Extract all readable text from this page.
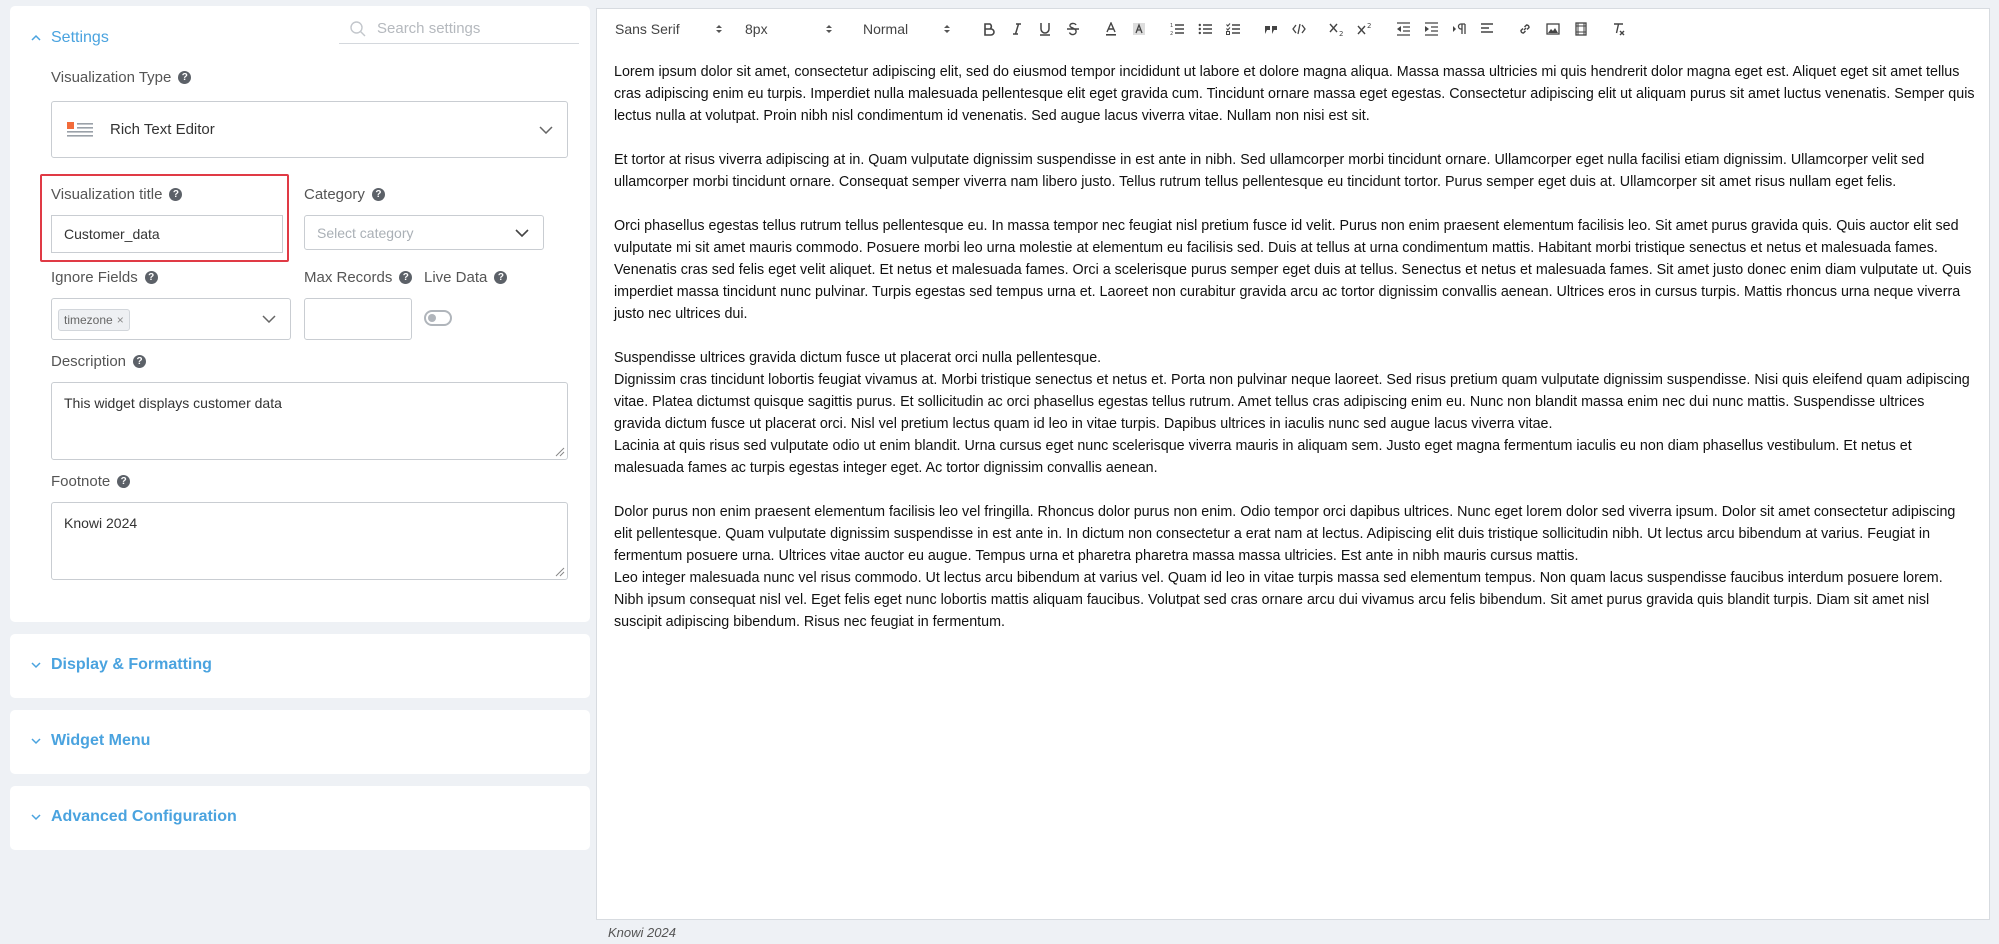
Settings
Search settings
Visualization Type	?
Rich Text Editor
Visualization title	?
Customer_data
Category	?
Select category
Ignore Fields	?
timezone ×
Max Records	? Live Data	?
Description	?
This widget displays customer data
Footnote	?
Knowi 2024
Display & Formatting
Widget Menu
Advanced Configuration
Sans Serif	8px	Normal	1
2	2
2

Lorem ipsum dolor sit amet, consectetur adipiscing elit, sed do eiusmod tempor incididunt ut labore et dolore magna aliqua. Massa massa ultricies mi quis hendrerit dolor magna eget est. Aliquet eget sit amet tellus cras adipiscing enim eu turpis. Imperdiet nulla malesuada pellentesque elit eget gravida cum. Tincidunt ornare massa eget egestas. Consectetur adipiscing elit ut aliquam purus sit amet luctus venenatis. Semper quis lectus nulla at volutpat. Proin nibh nisl condimentum id venenatis. Sed augue lacus viverra vitae. Nullam non nisi est sit.

Et tortor at risus viverra adipiscing at in. Quam vulputate dignissim suspendisse in est ante in nibh. Sed ullamcorper morbi tincidunt ornare. Ullamcorper eget nulla facilisi etiam dignissim. Ullamcorper velit sed ullamcorper morbi tincidunt ornare. Consequat semper viverra nam libero justo. Tellus rutrum tellus pellentesque eu tincidunt tortor. Purus semper eget duis at. Ullamcorper sit amet risus nullam eget felis.

Orci phasellus egestas tellus rutrum tellus pellentesque eu. In massa tempor nec feugiat nisl pretium fusce id velit. Purus non enim praesent elementum facilisis leo. Sit amet purus gravida quis. Quis auctor elit sed vulputate mi sit amet mauris commodo. Posuere morbi leo urna molestie at elementum eu facilisis sed. Duis at tellus at urna condimentum mattis. Habitant morbi tristique senectus et netus et malesuada fames. Venenatis cras sed felis eget velit aliquet. Et netus et malesuada fames. Orci a scelerisque purus semper eget duis at tellus. Senectus et netus et malesuada fames. Sit amet justo donec enim diam vulputate ut. Quis imperdiet massa tincidunt nunc pulvinar. Turpis egestas sed tempus urna et. Laoreet non curabitur gravida arcu ac tortor dignissim convallis aenean. Ultrices eros in cursus turpis. Mattis rhoncus urna neque viverra justo nec ultrices dui.

Suspendisse ultrices gravida dictum fusce ut placerat orci nulla pellentesque.

Dignissim cras tincidunt lobortis feugiat vivamus at. Morbi tristique senectus et netus et. Porta non pulvinar neque laoreet. Sed risus pretium quam vulputate dignissim suspendisse. Nisi quis eleifend quam adipiscing vitae. Platea dictumst quisque sagittis purus. Et sollicitudin ac orci phasellus egestas tellus rutrum. Amet tellus cras adipiscing enim eu. Nunc non blandit massa enim nec dui nunc mattis. Suspendisse ultrices gravida dictum fusce ut placerat orci. Nisl vel pretium lectus quam id leo in vitae turpis. Dapibus ultrices in iaculis nunc sed augue lacus viverra vitae.

Lacinia at quis risus sed vulputate odio ut enim blandit. Urna cursus eget nunc scelerisque viverra mauris in aliquam sem. Justo eget magna fermentum iaculis eu non diam phasellus vestibulum. Et netus et malesuada fames ac turpis egestas integer eget. Ac tortor dignissim convallis aenean.

Dolor purus non enim praesent elementum facilisis leo vel fringilla. Rhoncus dolor purus non enim. Odio tempor orci dapibus ultrices. Nunc eget lorem dolor sed viverra ipsum. Dolor sit amet consectetur adipiscing elit pellentesque. Quam vulputate dignissim suspendisse in est ante in. In dictum non consectetur a erat nam at lectus. Adipiscing elit duis tristique sollicitudin nibh. Ut lectus arcu bibendum at varius. Feugiat in fermentum posuere urna. Ultrices vitae auctor eu augue. Tempus urna et pharetra pharetra massa massa ultricies. Est ante in nibh mauris cursus mattis.

Leo integer malesuada nunc vel risus commodo. Ut lectus arcu bibendum at varius vel. Quam id leo in vitae turpis massa sed elementum tempus. Non quam lacus suspendisse faucibus interdum posuere lorem. Nibh ipsum consequat nisl vel. Eget felis eget nunc lobortis mattis aliquam faucibus. Volutpat sed cras ornare arcu dui vivamus arcu felis bibendum. Sit amet purus gravida quis blandit turpis. Diam sit amet nisl suscipit adipiscing bibendum. Risus nec feugiat in fermentum.

Knowi 2024
